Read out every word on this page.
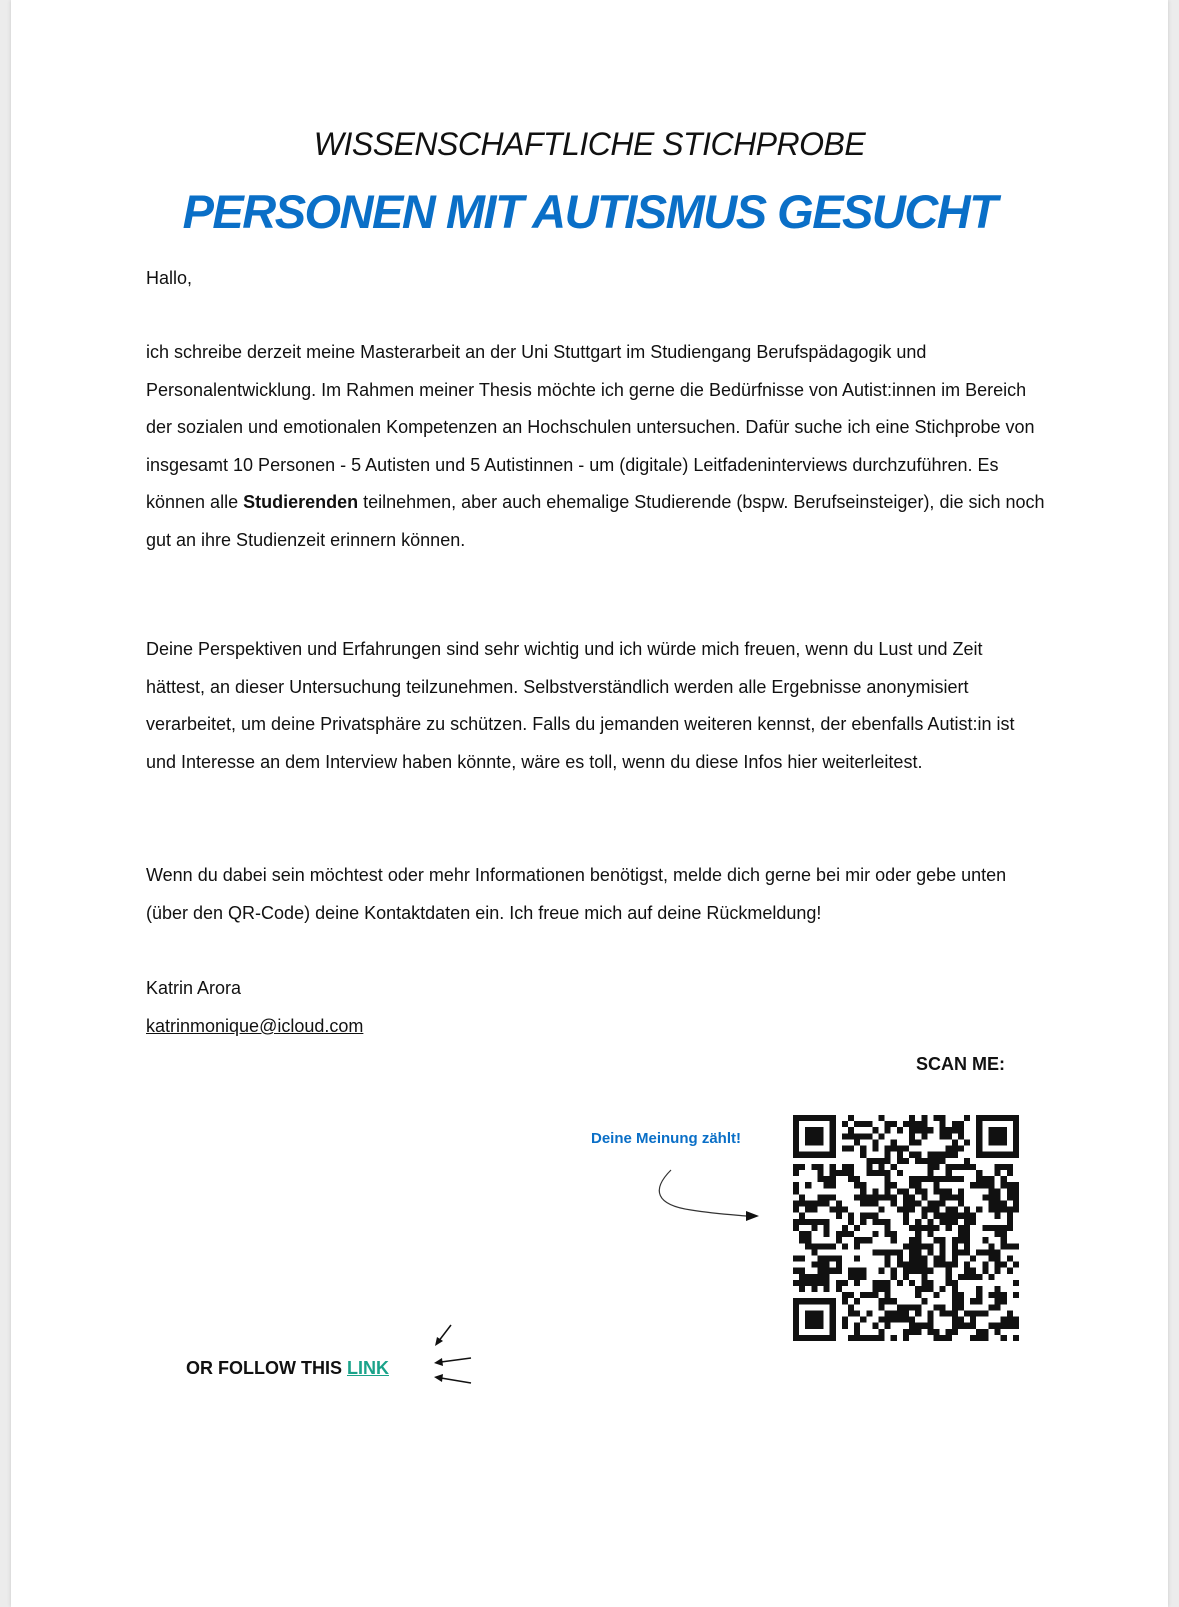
WISSENSCHAFTLICHE STICHPROBE
PERSONEN MIT AUTISMUS GESUCHT
Hallo,
ich schreibe derzeit meine Masterarbeit an der Uni Stuttgart im Studiengang Berufspädagogik und Personalentwicklung. Im Rahmen meiner Thesis möchte ich gerne die Bedürfnisse von Autist:innen im Bereich der sozialen und emotionalen Kompetenzen an Hochschulen untersuchen. Dafür suche ich eine Stichprobe von insgesamt 10 Personen - 5 Autisten und 5 Autistinnen - um (digitale) Leitfadeninterviews durchzuführen. Es können alle Studierenden teilnehmen, aber auch ehemalige Studierende (bspw. Berufseinsteiger), die sich noch gut an ihre Studienzeit erinnern können.
Deine Perspektiven und Erfahrungen sind sehr wichtig und ich würde mich freuen, wenn du Lust und Zeit hättest, an dieser Untersuchung teilzunehmen. Selbstverständlich werden alle Ergebnisse anonymisiert verarbeitet, um deine Privatsphäre zu schützen. Falls du jemanden weiteren kennst, der ebenfalls Autist:in ist und Interesse an dem Interview haben könnte, wäre es toll, wenn du diese Infos hier weiterleitest.
Wenn du dabei sein möchtest oder mehr Informationen benötigst, melde dich gerne bei mir oder gebe unten (über den QR-Code) deine Kontaktdaten ein. Ich freue mich auf deine Rückmeldung!
Katrin Arora
katrinmonique@icloud.com
SCAN ME:
Deine Meinung zählt!
OR FOLLOW THIS LINK
